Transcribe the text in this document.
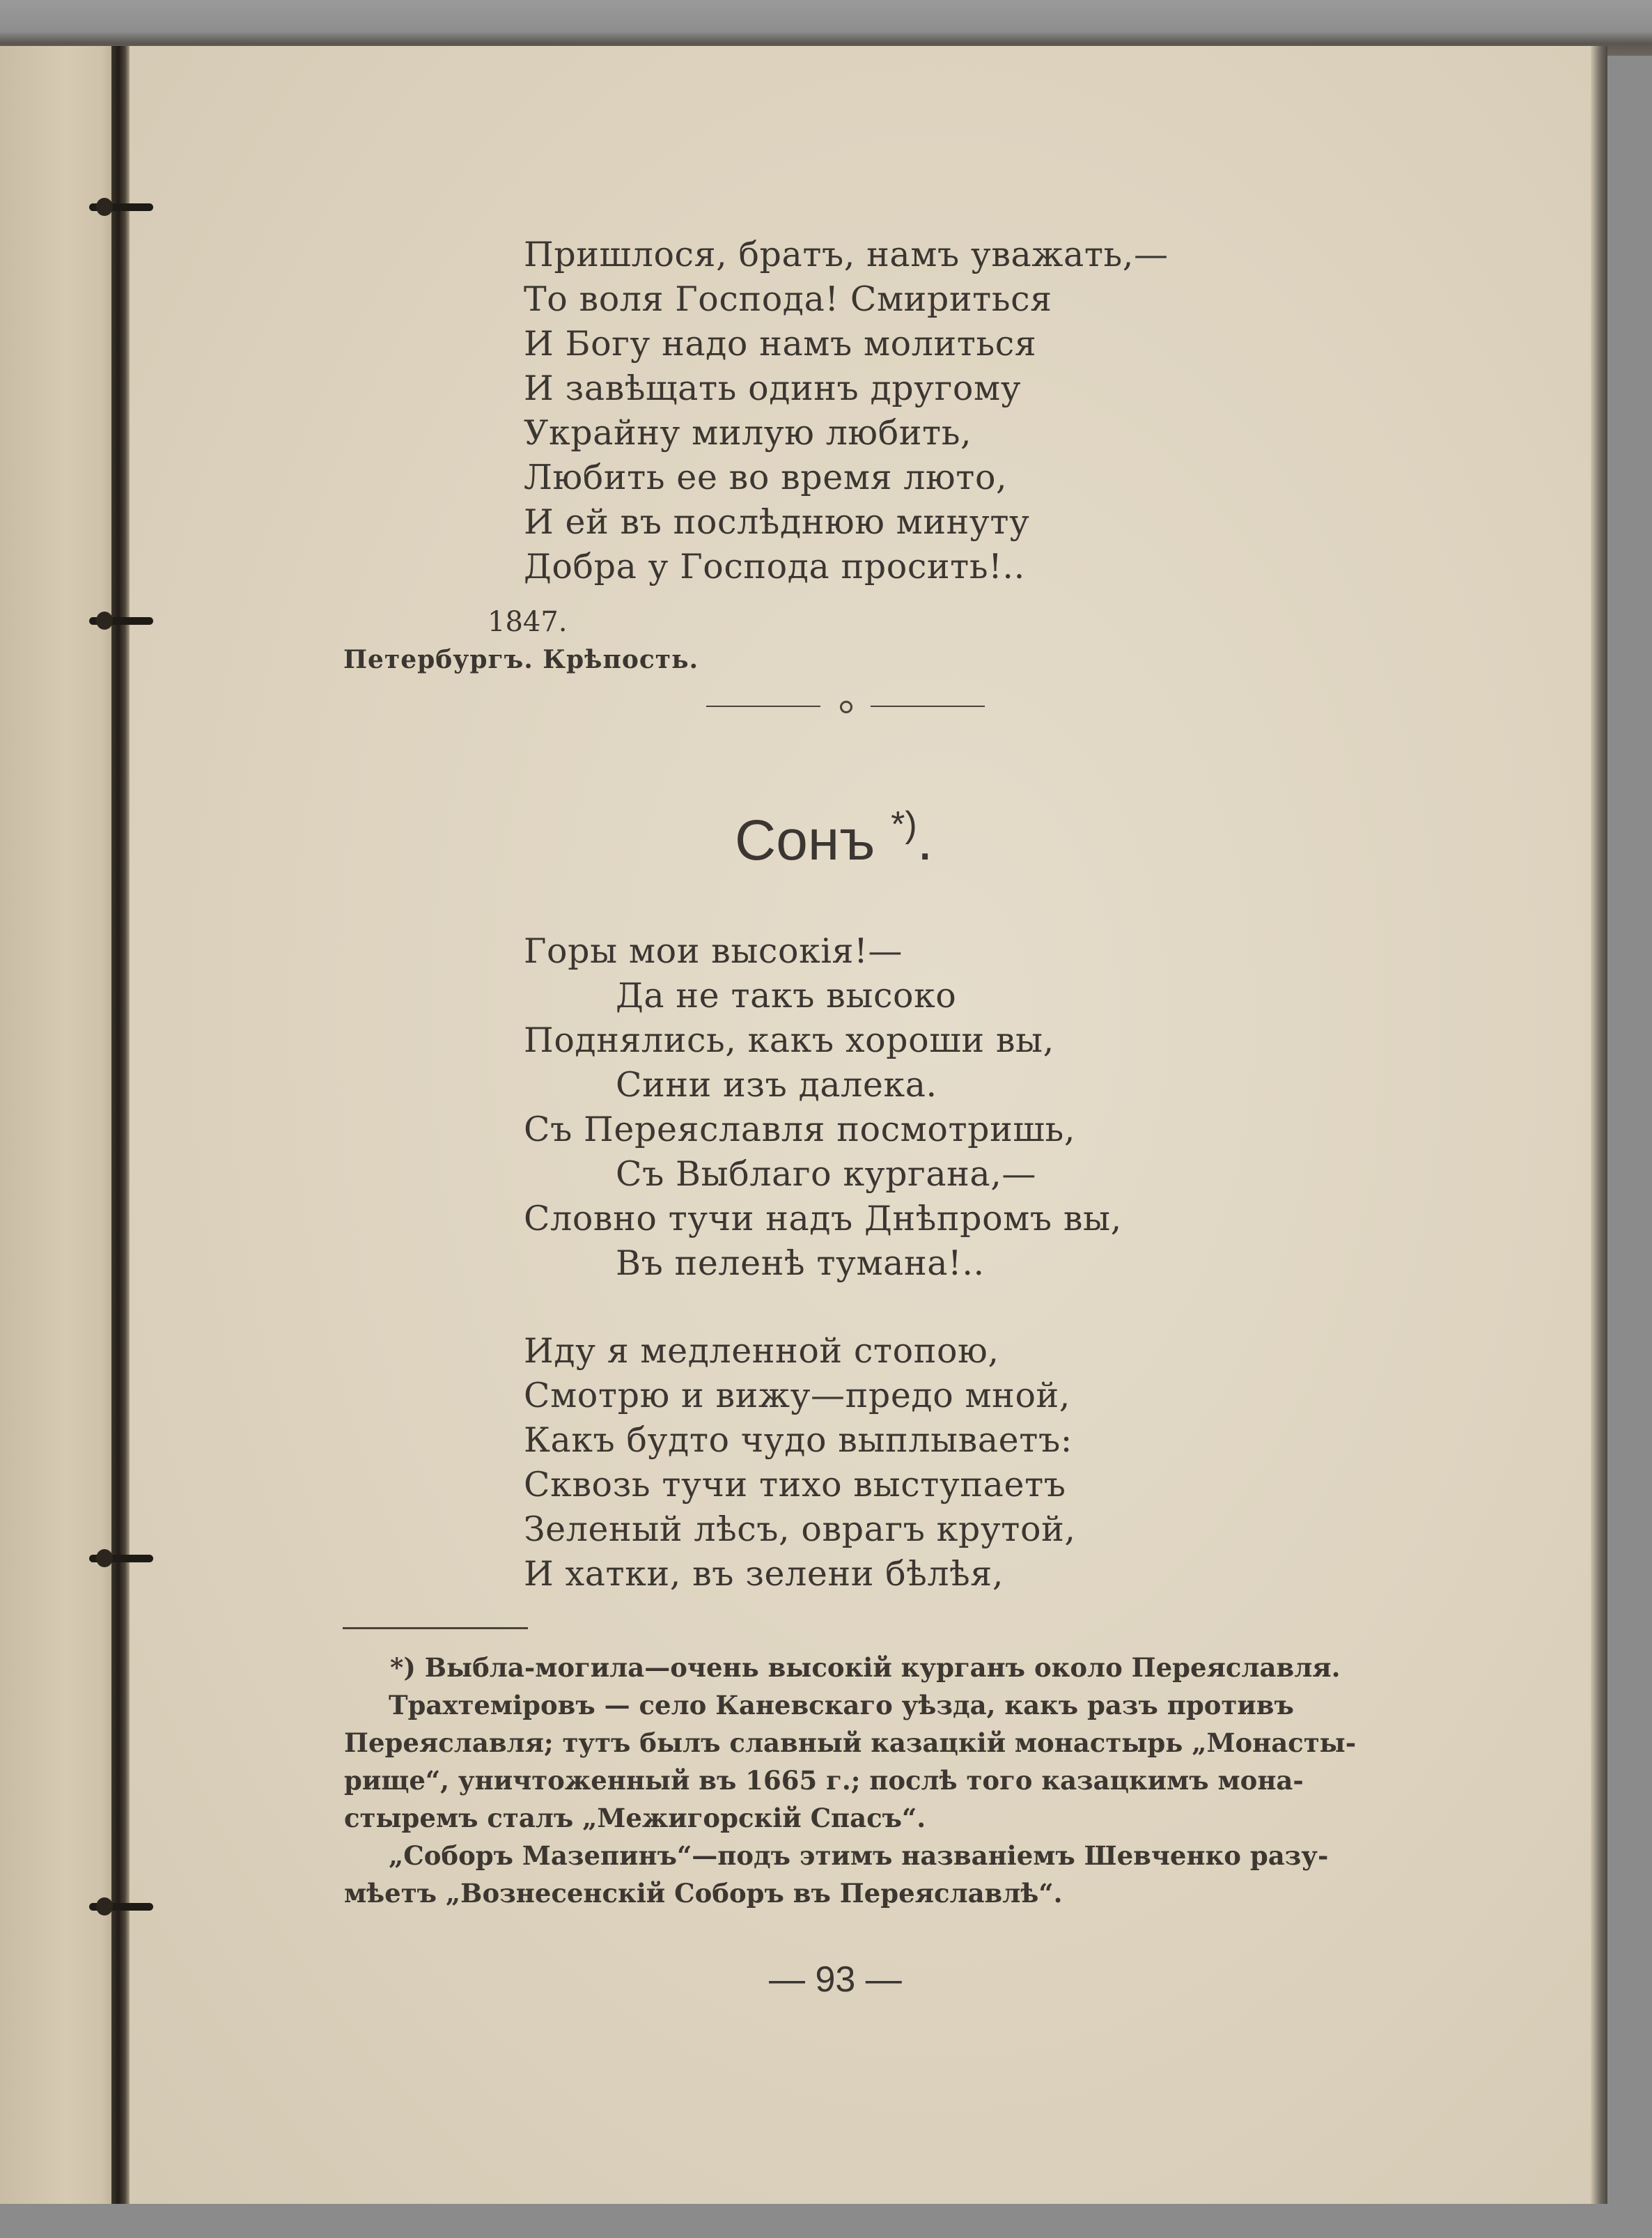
Пришлося, братъ, намъ уважать,—
То воля Господа! Смириться
И Богу надо намъ молиться
И завѣщать одинъ другому
Украйну милую любить,
Любить ее во время люто,
И ей въ послѣднюю минуту
Добра у Господа просить!..
1847.
Петербургъ. Крѣпость.
Сонъ *).
Горы мои высокія!—
Да не такъ высоко
Поднялись, какъ хороши вы,
Сини изъ далека.
Съ Переяславля посмотришь,
Съ Выблаго кургана,—
Словно тучи надъ Днѣпромъ вы,
Въ пеленѣ тумана!..
Иду я медленной стопою,
Смотрю и вижу—предо мной,
Какъ будто чудо выплываетъ:
Сквозь тучи тихо выступаетъ
Зеленый лѣсъ, оврагъ крутой,
И хатки, въ зелени бѣлѣя,
*) Выбла-могила—очень высокій курганъ около Переяславля.
Трахтеміровъ — село Каневскаго уѣзда, какъ разъ противъ
Переяславля; тутъ былъ славный казацкій монастырь „Монасты-
рище“, уничтоженный въ 1665 г.; послѣ того казацкимъ мона-
стыремъ сталъ „Межигорскій Спасъ“.
„Соборъ Мазепинъ“—подъ этимъ названіемъ Шевченко разу-
мѣетъ „Вознесенскій Соборъ въ Переяславлѣ“.
— 93 —
